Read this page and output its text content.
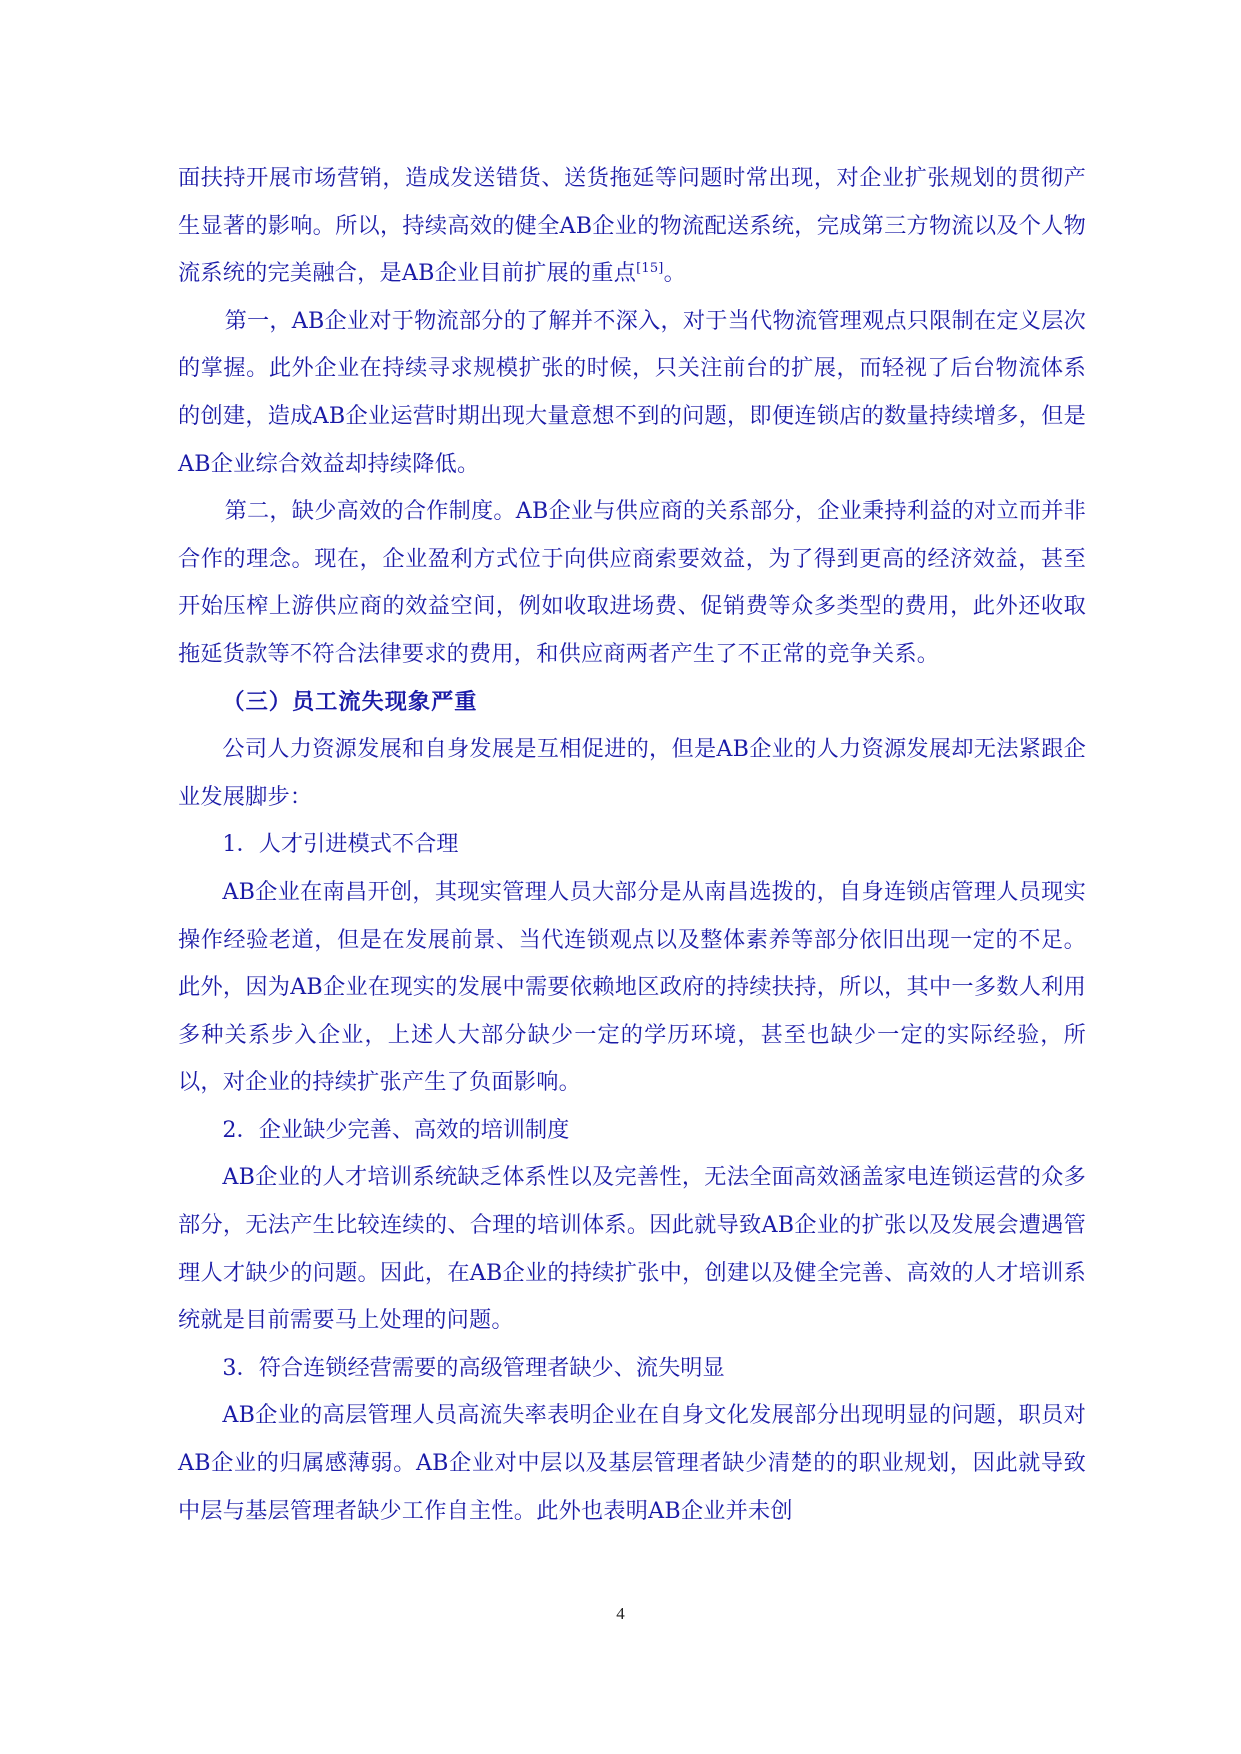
面扶持开展市场营销，造成发送错货、送货拖延等问题时常出现，对企业扩张规划的贯彻产生显著的影响。所以，持续高效的健全AB企业的物流配送系统，完成第三方物流以及个人物流系统的完美融合，是AB企业目前扩展的重点[15]。

第一，AB企业对于物流部分的了解并不深入，对于当代物流管理观点只限制在定义层次的掌握。此外企业在持续寻求规模扩张的时候，只关注前台的扩展，而轻视了后台物流体系的创建，造成AB企业运营时期出现大量意想不到的问题，即便连锁店的数量持续增多，但是AB企业综合效益却持续降低。

第二，缺少高效的合作制度。AB企业与供应商的关系部分，企业秉持利益的对立而并非合作的理念。现在，企业盈利方式位于向供应商索要效益，为了得到更高的经济效益，甚至开始压榨上游供应商的效益空间，例如收取进场费、促销费等众多类型的费用，此外还收取拖延货款等不符合法律要求的费用，和供应商两者产生了不正常的竞争关系。

（三）员工流失现象严重

公司人力资源发展和自身发展是互相促进的，但是AB企业的人力资源发展却无法紧跟企业发展脚步：

1．人才引进模式不合理

AB企业在南昌开创，其现实管理人员大部分是从南昌选拨的，自身连锁店管理人员现实操作经验老道，但是在发展前景、当代连锁观点以及整体素养等部分依旧出现一定的不足。此外，因为AB企业在现实的发展中需要依赖地区政府的持续扶持，所以，其中一多数人利用多种关系步入企业，上述人大部分缺少一定的学历环境，甚至也缺少一定的实际经验，所以，对企业的持续扩张产生了负面影响。

2．企业缺少完善、高效的培训制度

AB企业的人才培训系统缺乏体系性以及完善性，无法全面高效涵盖家电连锁运营的众多部分，无法产生比较连续的、合理的培训体系。因此就导致AB企业的扩张以及发展会遭遇管理人才缺少的问题。因此，在AB企业的持续扩张中，创建以及健全完善、高效的人才培训系统就是目前需要马上处理的问题。

3．符合连锁经营需要的高级管理者缺少、流失明显

AB企业的高层管理人员高流失率表明企业在自身文化发展部分出现明显的问题，职员对AB企业的归属感薄弱。AB企业对中层以及基层管理者缺少清楚的的职业规划，因此就导致中层与基层管理者缺少工作自主性。此外也表明AB企业并未创

4
